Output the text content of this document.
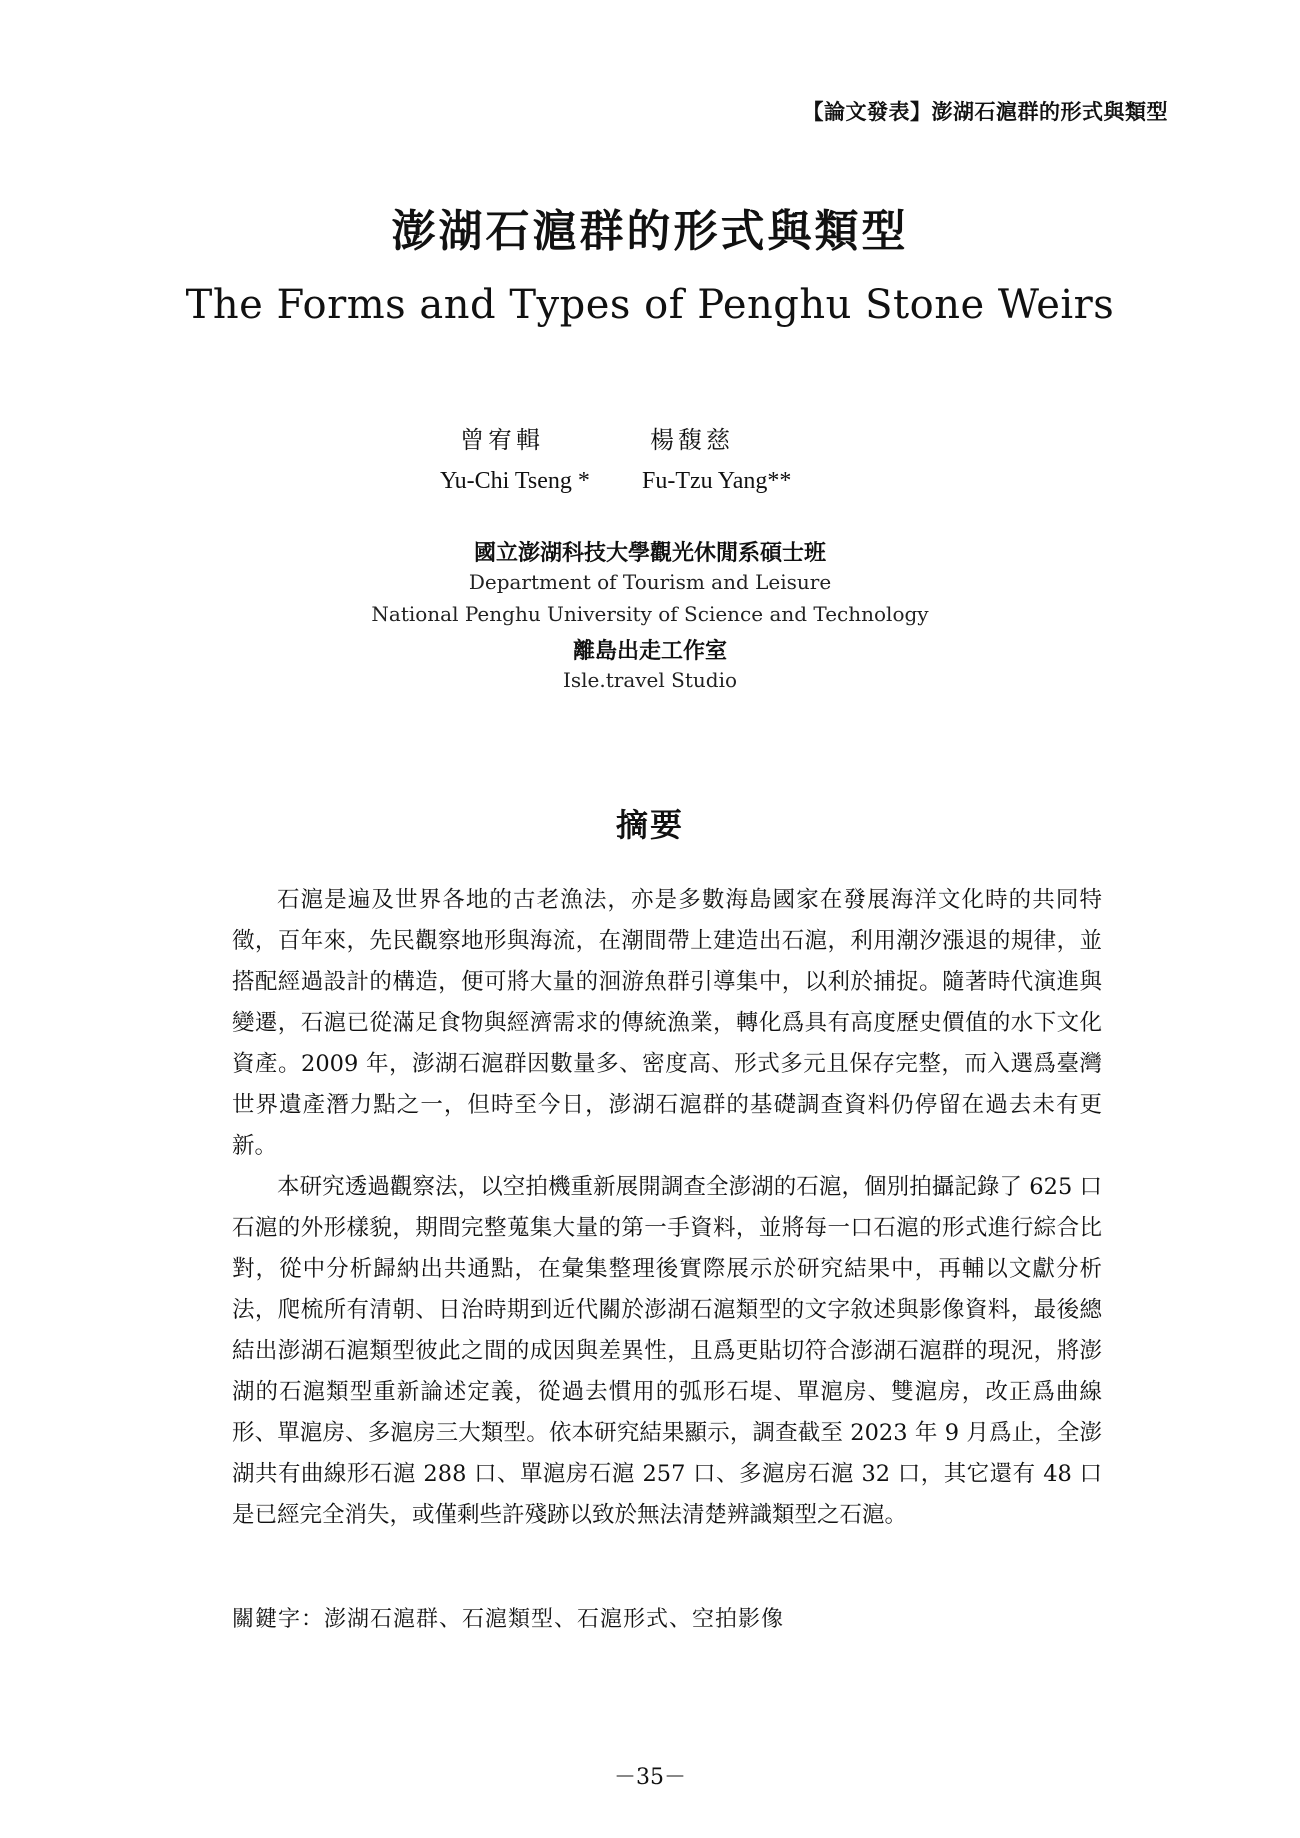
【論文發表】澎湖石滬群的形式與類型
澎湖石滬群的形式與類型
The Forms and Types of Penghu Stone Weirs
曾宥輯	楊馥慈
Yu-Chi Tseng * Fu-Tzu Yang**
國立澎湖科技大學觀光休閒系碩士班
Department of Tourism and Leisure
National Penghu University of Science and Technology
離島出走工作室
Isle.travel Studio
摘要

石滬是遍及世界各地的古老漁法，亦是多數海島國家在發展海洋文化時的共同特徵，百年來，先民觀察地形與海流，在潮間帶上建造出石滬，利用潮汐漲退的規律，並搭配經過設計的構造，便可將大量的洄游魚群引導集中，以利於捕捉。隨著時代演進與變遷，石滬已從滿足食物與經濟需求的傳統漁業，轉化爲具有高度歷史價值的水下文化資產。2009 年，澎湖石滬群因數量多、密度高、形式多元且保存完整，而入選爲臺灣世界遺產潛力點之一，但時至今日，澎湖石滬群的基礎調查資料仍停留在過去未有更新。

本研究透過觀察法，以空拍機重新展開調查全澎湖的石滬，個別拍攝記錄了 625 口石滬的外形樣貌，期間完整蒐集大量的第一手資料，並將每一口石滬的形式進行綜合比對，從中分析歸納出共通點，在彙集整理後實際展示於研究結果中，再輔以文獻分析法，爬梳所有清朝、日治時期到近代關於澎湖石滬類型的文字敘述與影像資料，最後總結出澎湖石滬類型彼此之間的成因與差異性，且爲更貼切符合澎湖石滬群的現況，將澎湖的石滬類型重新論述定義，從過去慣用的弧形石堤、單滬房、雙滬房，改正爲曲線形、單滬房、多滬房三大類型。依本研究結果顯示，調查截至 2023 年 9 月爲止，全澎湖共有曲線形石滬 288 口、單滬房石滬 257 口、多滬房石滬 32 口，其它還有 48 口是已經完全消失，或僅剩些許殘跡以致於無法清楚辨識類型之石滬。

關鍵字：澎湖石滬群、石滬類型、石滬形式、空拍影像
－35－
